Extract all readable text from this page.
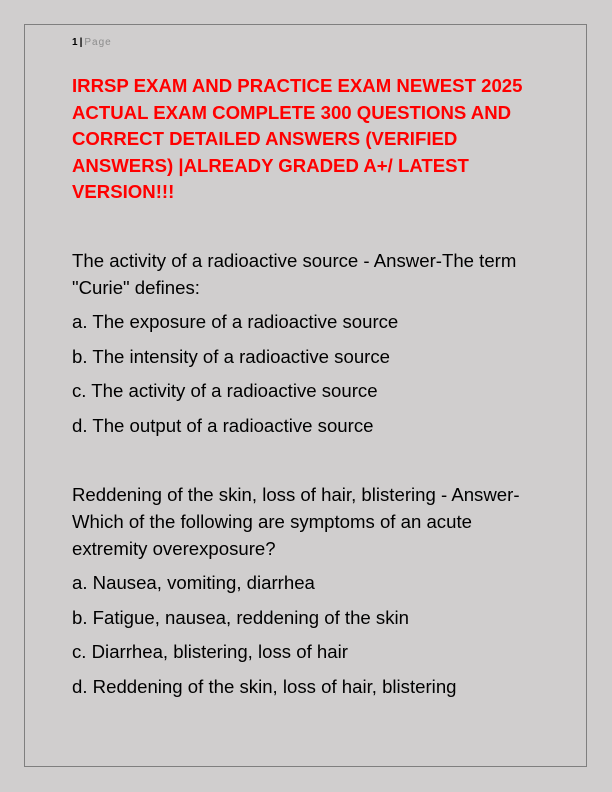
1 | Page
IRRSP EXAM AND PRACTICE EXAM NEWEST 2025 ACTUAL EXAM COMPLETE 300 QUESTIONS AND CORRECT DETAILED ANSWERS (VERIFIED ANSWERS) |ALREADY GRADED A+/ LATEST VERSION!!!

The activity of a radioactive source - Answer-The term "Curie" defines:

a. The exposure of a radioactive source
b. The intensity of a radioactive source
c. The activity of a radioactive source
d. The output of a radioactive source

Reddening of the skin, loss of hair, blistering - Answer-Which of the following are symptoms of an acute extremity overexposure?

a. Nausea, vomiting, diarrhea
b. Fatigue, nausea, reddening of the skin
c. Diarrhea, blistering, loss of hair
d. Reddening of the skin, loss of hair, blistering
